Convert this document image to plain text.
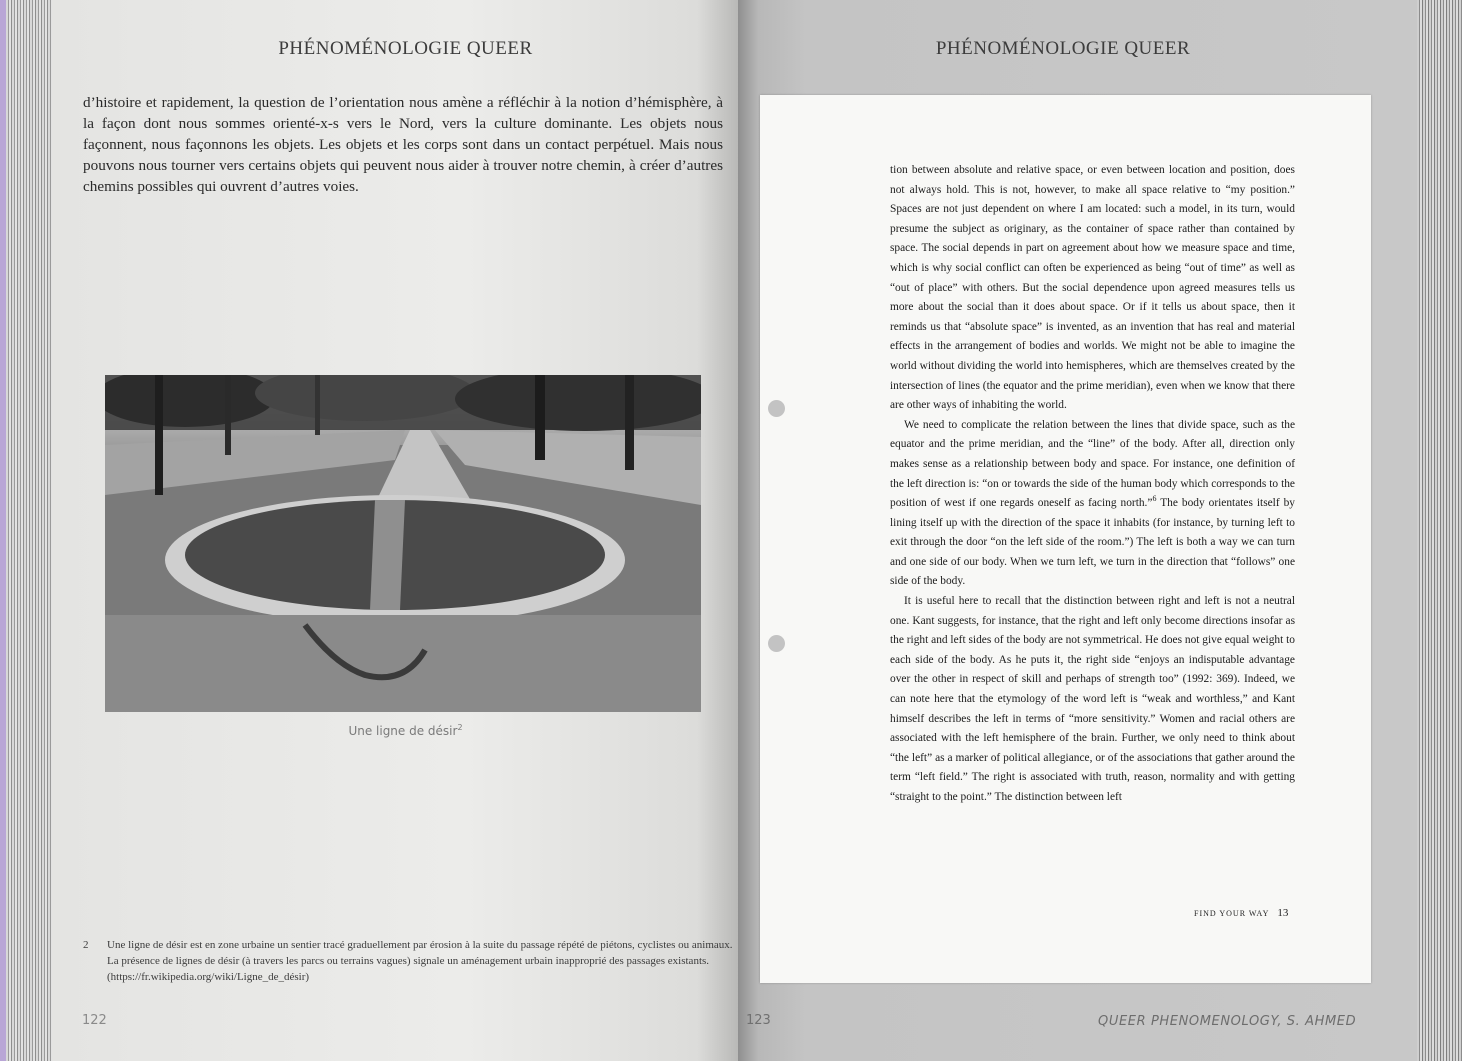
PHÉNOMÉNOLOGIE QUEER
d’histoire et rapidement, la question de l’orientation nous amène a réfléchir à la notion d’hémisphère, à la façon dont nous sommes orienté-x-s vers le Nord, vers la culture dominante. Les objets nous façonnent, nous façonnons les objets. Les objets et les corps sont dans un contact perpétuel. Mais nous pouvons nous tourner vers certains objets qui peuvent nous aider à trouver notre chemin, à créer d’autres chemins possibles qui ouvrent d’autres voies.
Une ligne de désir$^2$
2	Une ligne de désir est en zone urbaine un sentier tracé graduellement par érosion à la suite du passage répété de piétons, cyclistes ou animaux. La présence de lignes de désir (à travers les parcs ou terrains vagues) signale un aménagement urbain inapproprié des passages existants. (https://fr.wikipedia.org/wiki/Ligne_de_désir)
122
PHÉNOMÉNOLOGIE QUEER

tion between absolute and relative space, or even between location and position, does not always hold. This is not, however, to make all space relative to “my position.” Spaces are not just dependent on where I am located: such a model, in its turn, would presume the subject as originary, as the container of space rather than contained by space. The social depends in part on agreement about how we measure space and time, which is why social conflict can often be experienced as being “out of time” as well as “out of place” with others. But the social dependence upon agreed measures tells us more about the social than it does about space. Or if it tells us about space, then it reminds us that “absolute space” is invented, as an invention that has real and material effects in the arrangement of bodies and worlds. We might not be able to imagine the world without dividing the world into hemispheres, which are themselves created by the intersection of lines (the equator and the prime meridian), even when we know that there are other ways of inhabiting the world.

We need to complicate the relation between the lines that divide space, such as the equator and the prime meridian, and the “line” of the body. After all, direction only makes sense as a relationship between body and space. For instance, one definition of the left direction is: “on or towards the side of the human body which corresponds to the position of west if one regards oneself as facing north.”$^6$ The body orientates itself by lining itself up with the direction of the space it inhabits (for instance, by turning left to exit through the door “on the left side of the room.”) The left is both a way we can turn and one side of our body. When we turn left, we turn in the direction that “follows” one side of the body.

It is useful here to recall that the distinction between right and left is not a neutral one. Kant suggests, for instance, that the right and left only become directions insofar as the right and left sides of the body are not symmetrical. He does not give equal weight to each side of the body. As he puts it, the right side “enjoys an indisputable advantage over the other in respect of skill and perhaps of strength too” (1992: 369). Indeed, we can note here that the etymology of the word left is “weak and worthless,” and Kant himself describes the left in terms of “more sensitivity.” Women and racial others are associated with the left hemisphere of the brain. Further, we only need to think about “the left” as a marker of political allegiance, or of the associations that gather around the term “left field.” The right is associated with truth, reason, normality and with getting “straight to the point.” The distinction between left

FIND YOUR WAY 13
123	QUEER PHENOMENOLOGY, S. AHMED
